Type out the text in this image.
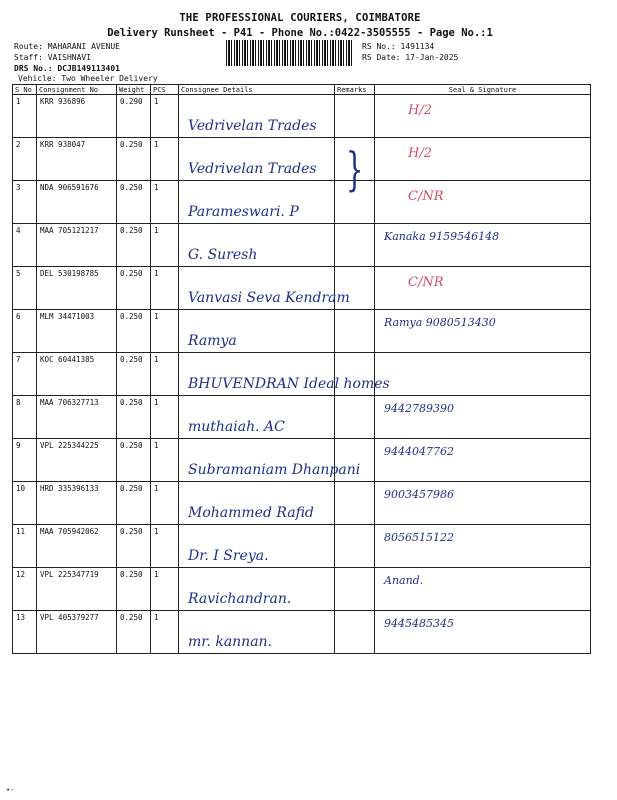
THE PROFESSIONAL COURIERS, COIMBATORE
Delivery Runsheet - P41 - Phone No.:0422-3505555 - Page No.:1
Route: MAHARANI AVENUE
Staff: VAISHNAVI
DRS No.: DCJB149113401
Vehicle: Two Wheeler Delivery
RS No.: 1491134
RS Date: 17-Jan-2025
S No	Consignment No	Weight	PCS	Consignee Details	Remarks	Seal & Signature
1	KRR 936896	0.290	1	Vedrivelan Trades		H/2

2	KRR 938047	0.250	1	Vedrivelan Trades		H/2

3	NDA 906591676	0.250	1	Parameswari. P		C/NR

4	MAA 705121217	0.250	1	G. Suresh		Kanaka 9159546148

5	DEL 530198785	0.250	1	Vanvasi Seva Kendram		C/NR

6	MLM 34471003	0.250	1	Ramya		Ramya 9080513430

7	KOC 60441385	0.250	1	BHUVENDRAN Ideal homes		

8	MAA 706327713	0.250	1	muthaiah. AC		9442789390

9	VPL 225344225	0.250	1	Subramaniam Dhanpani		9444047762

10	HRD 335396133	0.250	1	Mohammed Rafid		9003457986

11	MAA 705942062	0.250	1	Dr. I Sreya.		8056515122

12	VPL 225347719	0.250	1	Ravichandran.		Anand.

13	VPL 405379277	0.250	1	mr. kannan.		9445485345
}
•-
